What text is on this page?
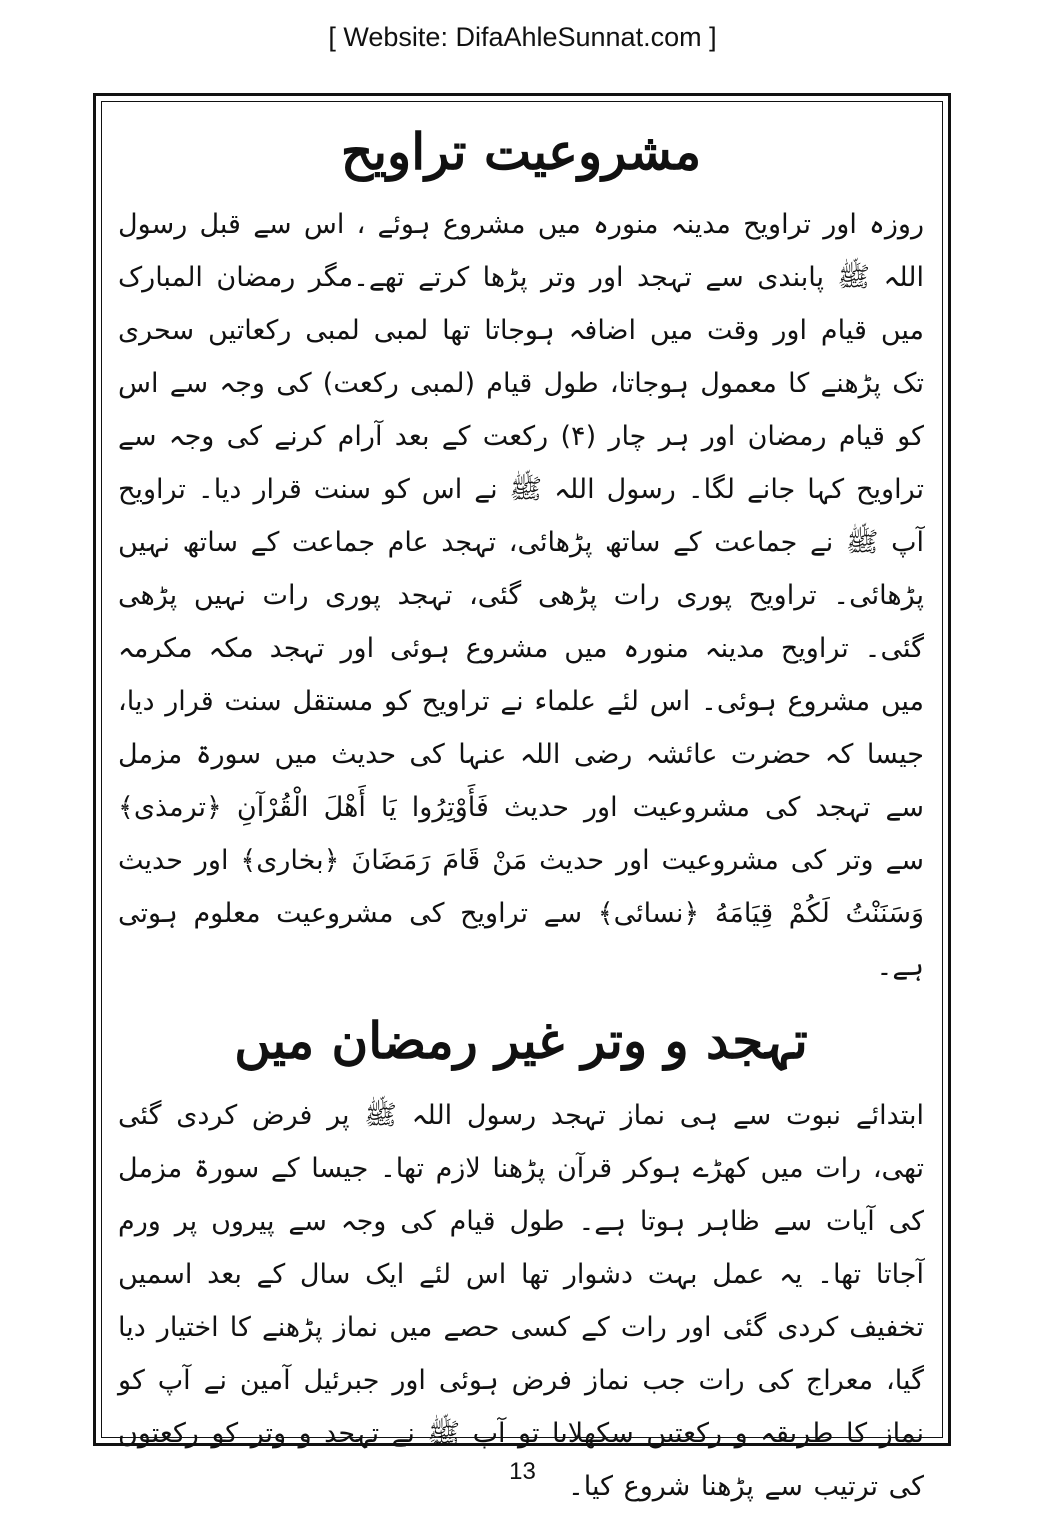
[ Website: DifaAhleSunnat.com ]
مشروعیت تراویح

روزہ اور تراویح مدینہ منورہ میں مشروع ہوئے ، اس سے قبل رسول اللہ ﷺ پابندی سے تہجد اور وتر پڑھا کرتے تھے۔مگر رمضان المبارک میں قیام اور وقت میں اضافہ ہوجاتا تھا لمبی لمبی رکعاتیں سحری تک پڑھنے کا معمول ہوجاتا، طول قیام (لمبی رکعت) کی وجہ سے اس کو قیام رمضان اور ہر چار (۴) رکعت کے بعد آرام کرنے کی وجہ سے تراویح کہا جانے لگا۔ رسول اللہ ﷺ نے اس کو سنت قرار دیا۔ تراویح آپ ﷺ نے جماعت کے ساتھ پڑھائی، تہجد عام جماعت کے ساتھ نہیں پڑھائی۔ تراویح پوری رات پڑھی گئی، تہجد پوری رات نہیں پڑھی گئی۔ تراویح مدینہ منورہ میں مشروع ہوئی اور تہجد مکہ مکرمہ میں مشروع ہوئی۔ اس لئے علماء نے تراویح کو مستقل سنت قرار دیا، جیسا کہ حضرت عائشہ رضی اللہ عنہا کی حدیث میں سورۃ مزمل سے تہجد کی مشروعیت اور حدیث فَأَوْتِرُوا يَا أَهْلَ الْقُرْآنِ ﴿ترمذی﴾ سے وتر کی مشروعیت اور حدیث مَنْ قَامَ رَمَضَانَ ﴿بخاری﴾ اور حدیث وَسَنَنْتُ لَكُمْ قِيَامَهُ ﴿نسائی﴾ سے تراویح کی مشروعیت معلوم ہوتی ہے۔

تہجد و وتر غیر رمضان میں

ابتدائے نبوت سے ہی نماز تہجد رسول اللہ ﷺ پر فرض کردی گئی تھی، رات میں کھڑے ہوکر قرآن پڑھنا لازم تھا۔ جیسا کے سورۃ مزمل کی آیات سے ظاہر ہوتا ہے۔ طول قیام کی وجہ سے پیروں پر ورم آجاتا تھا۔ یہ عمل بہت دشوار تھا اس لئے ایک سال کے بعد اسمیں تخفیف کردی گئی اور رات کے کسی حصے میں نماز پڑھنے کا اختیار دیا گیا، معراج کی رات جب نماز فرض ہوئی اور جبرئیل آمین نے آپ کو نماز کا طریقہ و رکعتیں سکھلایا تو آپ ﷺ نے تہجد و وتر کو رکعتوں کی ترتیب سے پڑھنا شروع کیا۔

13
